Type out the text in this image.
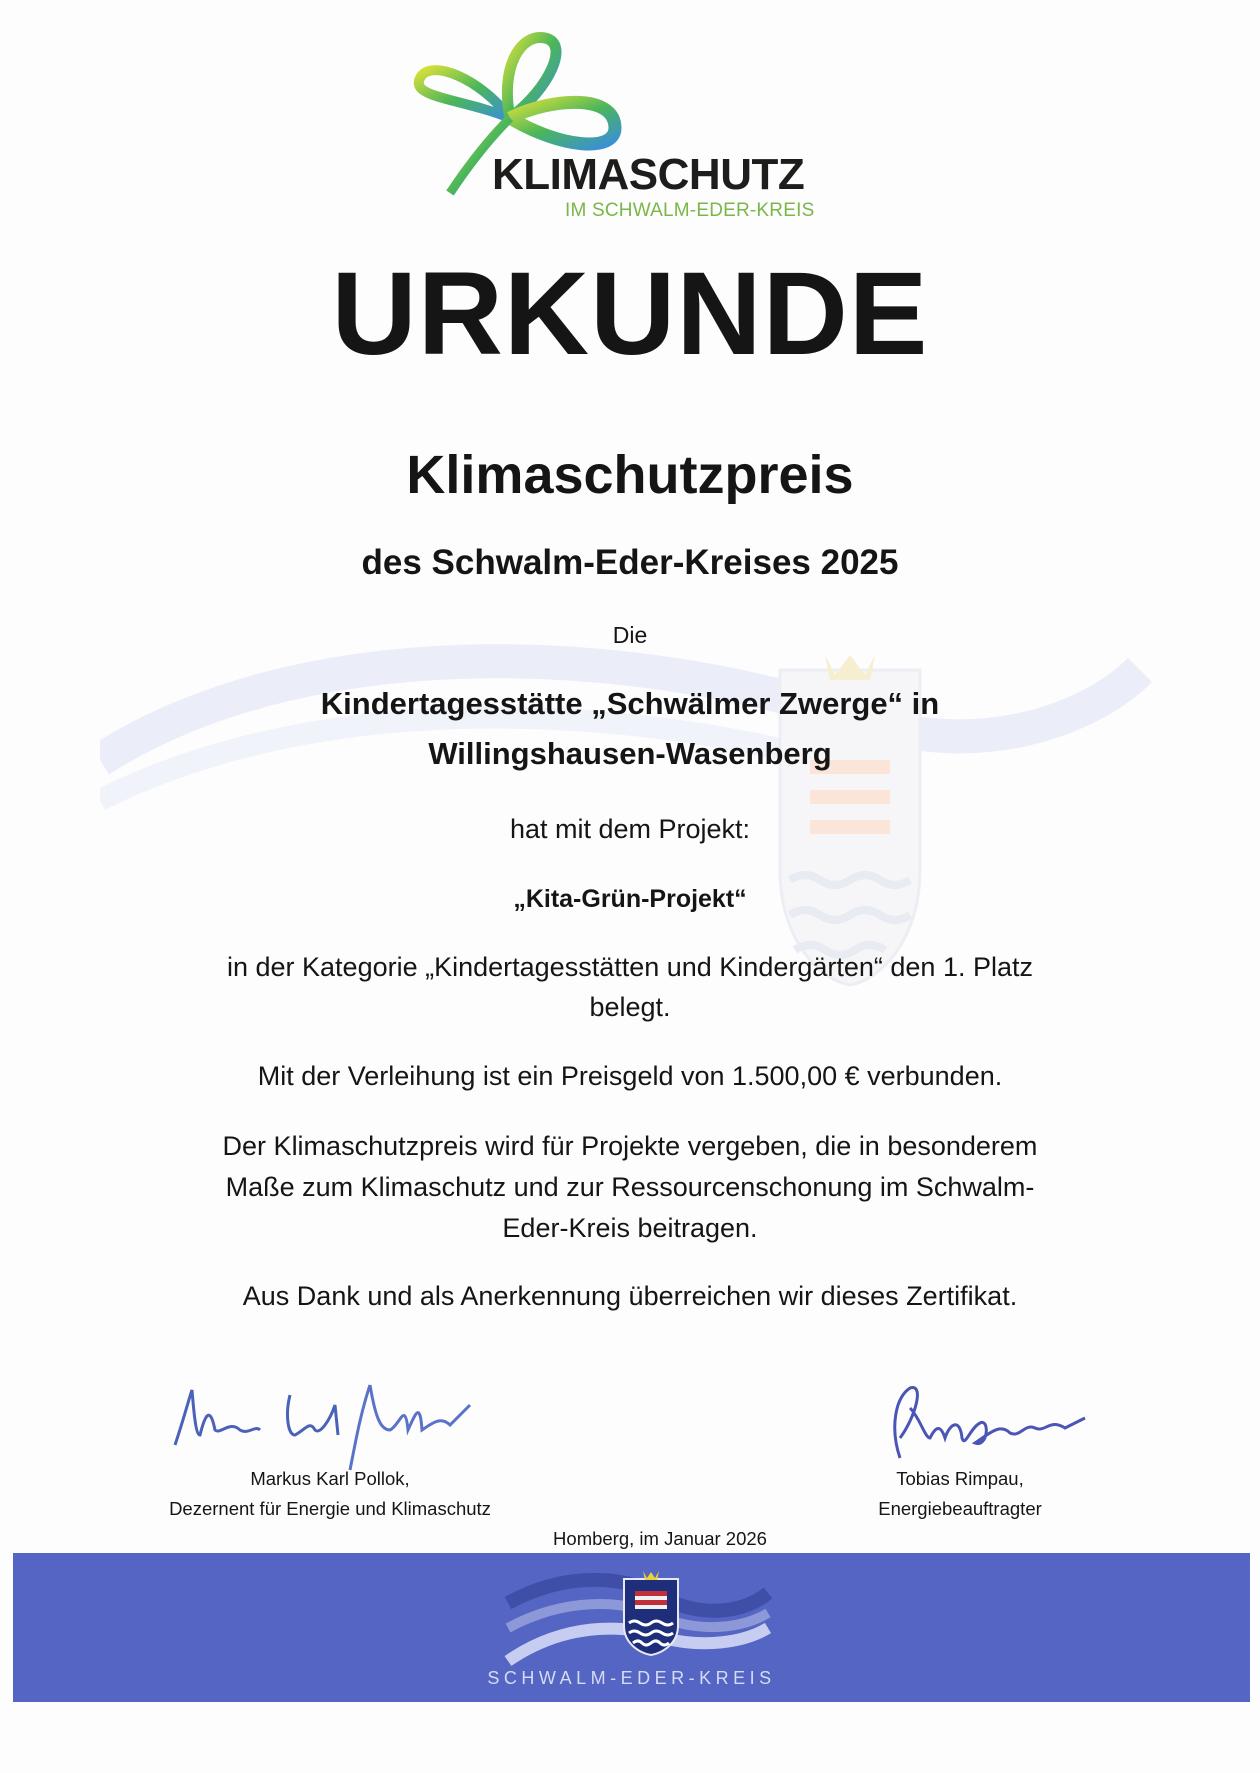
KLIMASCHUTZ
IM SCHWALM-EDER-KREIS
URKUNDE
Klimaschutzpreis
des Schwalm-Eder-Kreises 2025
Die
Kindertagesstätte „Schwälmer Zwerge“ in
Willingshausen-Wasenberg
hat mit dem Projekt:
„Kita-Grün-Projekt“
in der Kategorie „Kindertagesstätten und Kindergärten“ den 1. Platz
belegt.
Mit der Verleihung ist ein Preisgeld von 1.500,00 € verbunden.
Der Klimaschutzpreis wird für Projekte vergeben, die in besonderem
Maße zum Klimaschutz und zur Ressourcenschonung im Schwalm-
Eder-Kreis beitragen.
Aus Dank und als Anerkennung überreichen wir dieses Zertifikat.
Markus Karl Pollok,
Dezernent für Energie und Klimaschutz
Tobias Rimpau,
Energiebeauftragter
Homberg, im Januar 2026
SCHWALM-EDER-KREIS
